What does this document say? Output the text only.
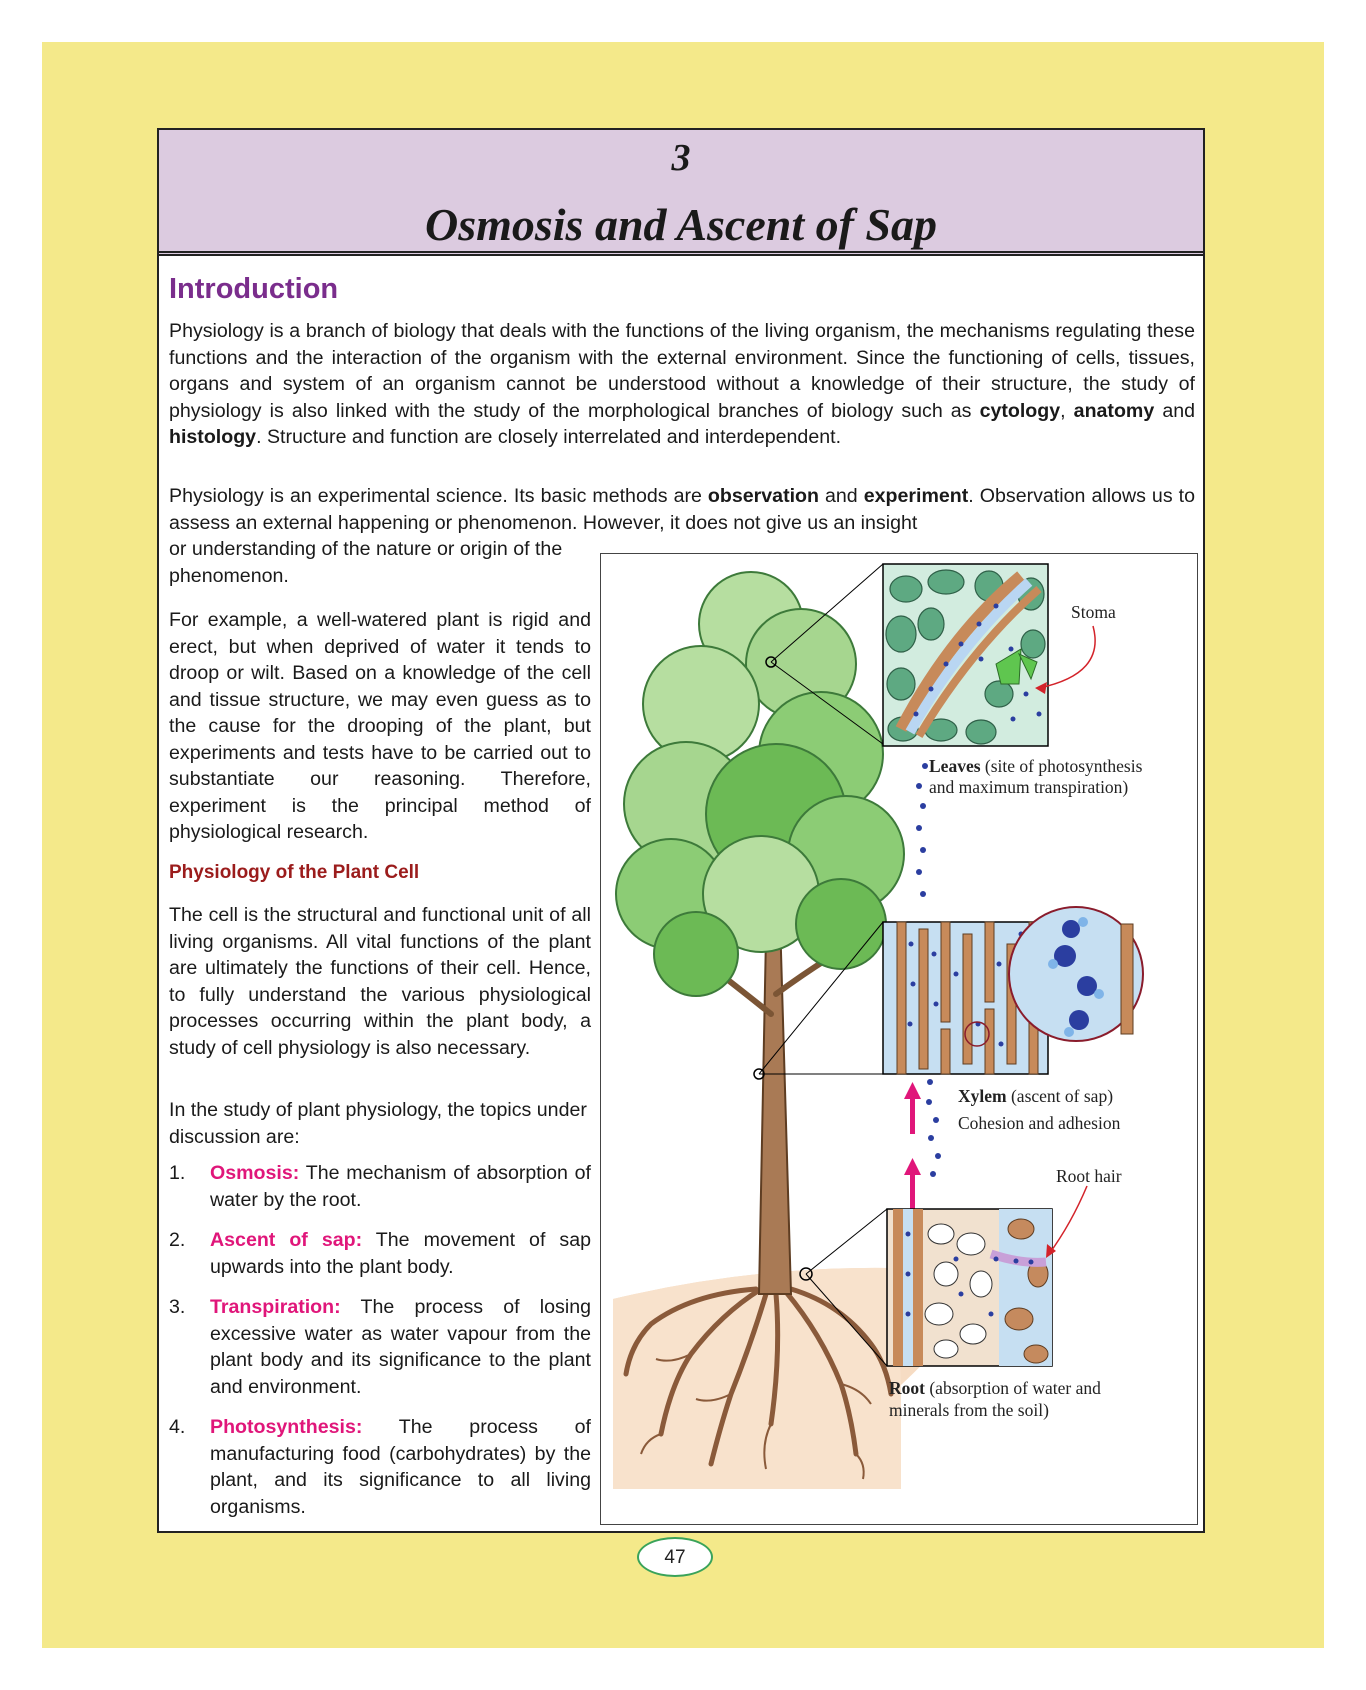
3
Osmosis and Ascent of Sap
Introduction

Physiology is a branch of biology that deals with the functions of the living organism, the mechanisms regulating these functions and the interaction of the organism with the external environment. Since the functioning of cells, tissues, organs and system of an organism cannot be understood without a knowledge of their structure, the study of physiology is also linked with the study of the morphological branches of biology such as cytology, anatomy and histology. Structure and function are closely interrelated and interdependent.

Physiology is an experimental science. Its basic methods are observation and experiment. Observation allows us to assess an external happening or phenomenon. However, it does not give us an insight

or understanding of the nature or origin of the phenomenon.

For example, a well-watered plant is rigid and erect, but when deprived of water it tends to droop or wilt. Based on a knowledge of the cell and tissue structure, we may even guess as to the cause for the drooping of the plant, but experiments and tests have to be carried out to substantiate our reasoning. Therefore, experiment is the principal method of physiological research.

Physiology of the Plant Cell

The cell is the structural and functional unit of all living organisms. All vital functions of the plant are ultimately the functions of their cell. Hence, to fully understand the various physiological processes occurring within the plant body, a study of cell physiology is also necessary.

In the study of plant physiology, the topics under discussion are:

1. Osmosis: The mechanism of absorption of water by the root.
2. Ascent of sap: The movement of sap upwards into the plant body.
3. Transpiration: The process of losing excessive water as water vapour from the plant body and its significance to the plant and environment.
4. Photosynthesis: The process of manufacturing food (carbohydrates) by the plant, and its significance to all living organisms.
Stoma
Leaves (site of photosynthesis
and maximum transpiration)
Xylem (ascent of sap)
Cohesion and adhesion
Root hair
Root (absorption of water and
minerals from the soil)
47
